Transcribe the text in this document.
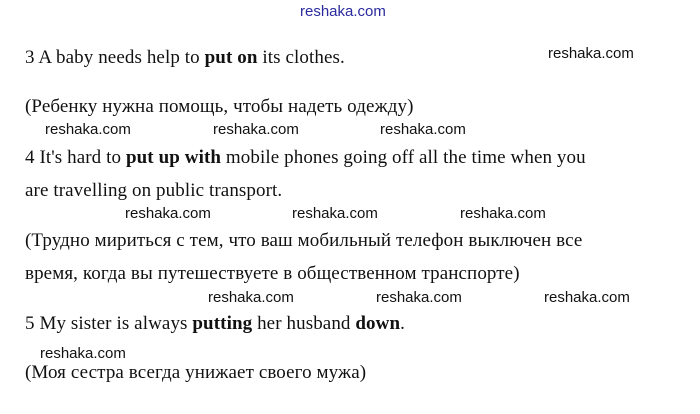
reshaka.com
3 A baby needs help to put on its clothes.	reshaka.com
(Ребенку нужна помощь, чтобы надеть одежду)
reshaka.com	reshaka.com	reshaka.com
4 It's hard to put up with mobile phones going off all the time when you
are travelling on public transport.
reshaka.com	reshaka.com	reshaka.com
(Трудно мириться с тем, что ваш мобильный телефон выключен все
время, когда вы путешествуете в общественном транспорте)
reshaka.com	reshaka.com	reshaka.com
5 My sister is always putting her husband down.
reshaka.com
(Моя сестра всегда унижает своего мужа)
